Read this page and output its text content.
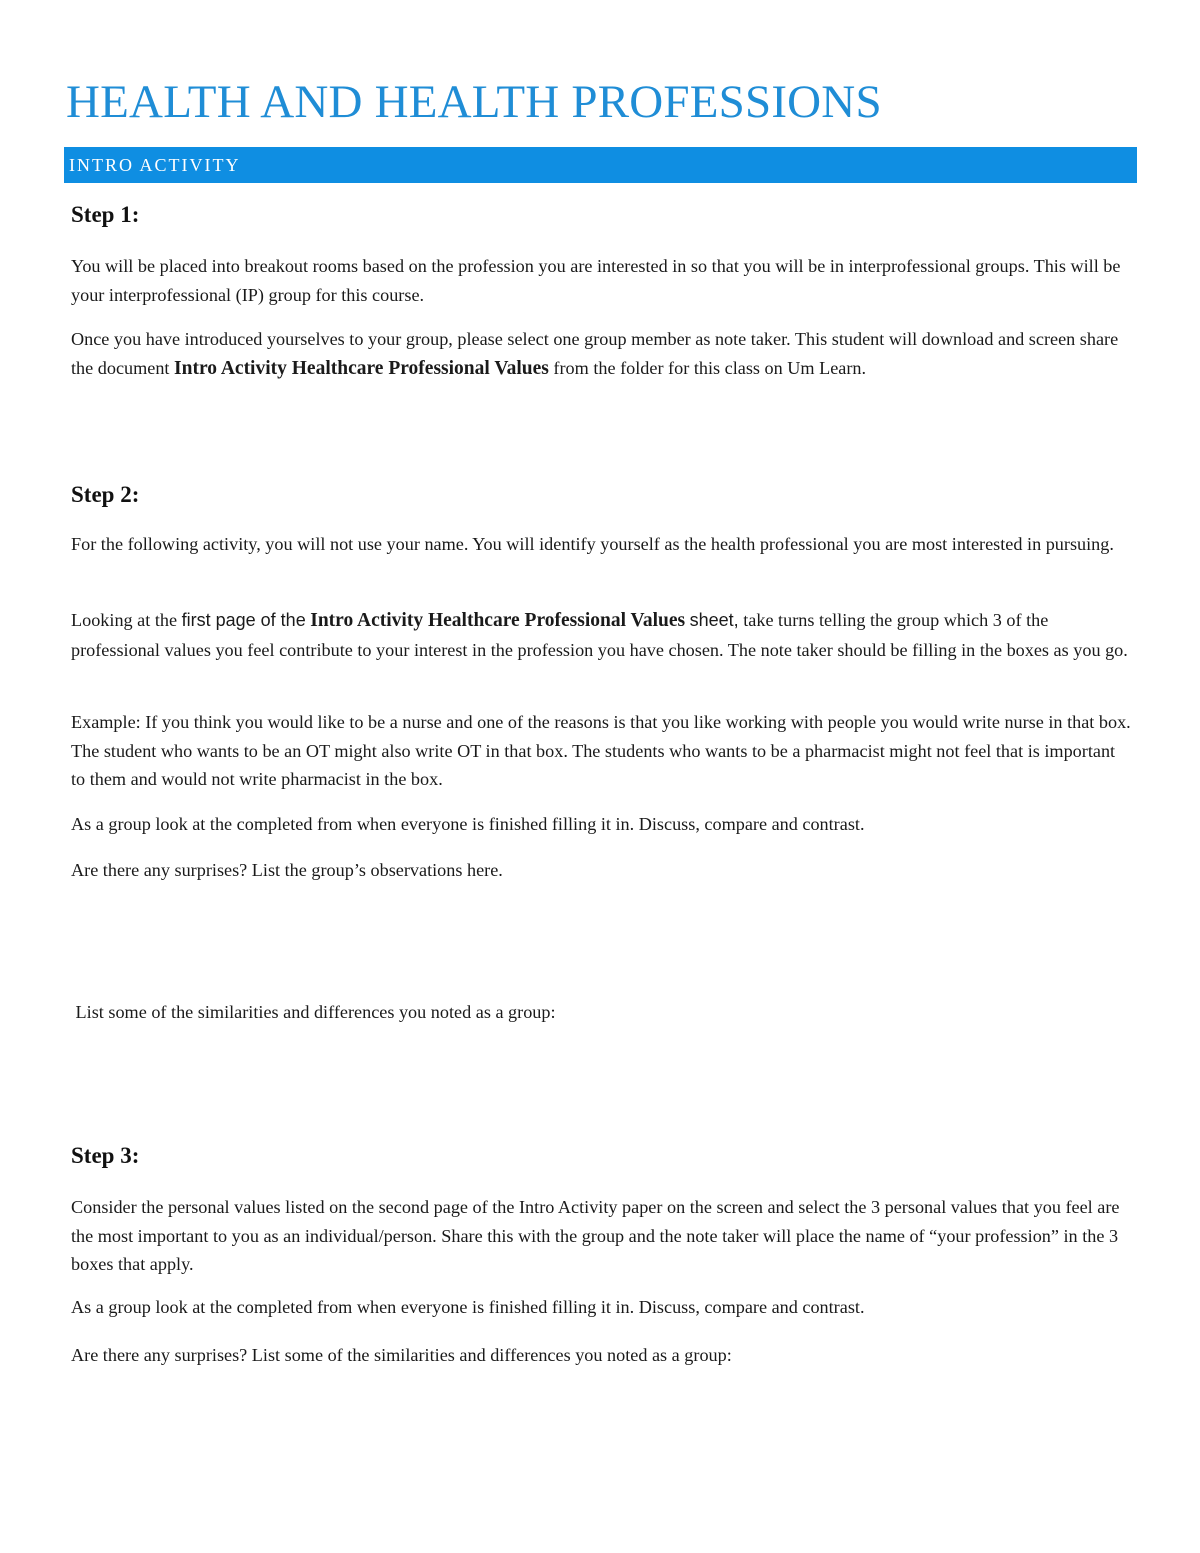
HEALTH AND HEALTH PROFESSIONS
INTRO ACTIVITY
Step 1:

You will be placed into breakout rooms based on the profession you are interested in so that you will be in interprofessional groups. This will be your interprofessional (IP) group for this course.

Once you have introduced yourselves to your group, please select one group member as note taker. This student will download and screen share the document Intro Activity Healthcare Professional Values from the folder for this class on Um Learn.

Step 2:

For the following activity, you will not use your name. You will identify yourself as the health professional you are most interested in pursuing.

Looking at the first page of the Intro Activity Healthcare Professional Values sheet, take turns telling the group which 3 of the professional values you feel contribute to your interest in the profession you have chosen. The note taker should be filling in the boxes as you go.

Example: If you think you would like to be a nurse and one of the reasons is that you like working with people you would write nurse in that box. The student who wants to be an OT might also write OT in that box. The students who wants to be a pharmacist might not feel that is important to them and would not write pharmacist in the box.

As a group look at the completed from when everyone is finished filling it in. Discuss, compare and contrast.

Are there any surprises? List the group’s observations here.

List some of the similarities and differences you noted as a group:

Step 3:

Consider the personal values listed on the second page of the Intro Activity paper on the screen and select the 3 personal values that you feel are the most important to you as an individual/person. Share this with the group and the note taker will place the name of “your profession” in the 3 boxes that apply.

As a group look at the completed from when everyone is finished filling it in. Discuss, compare and contrast.

Are there any surprises? List some of the similarities and differences you noted as a group:
